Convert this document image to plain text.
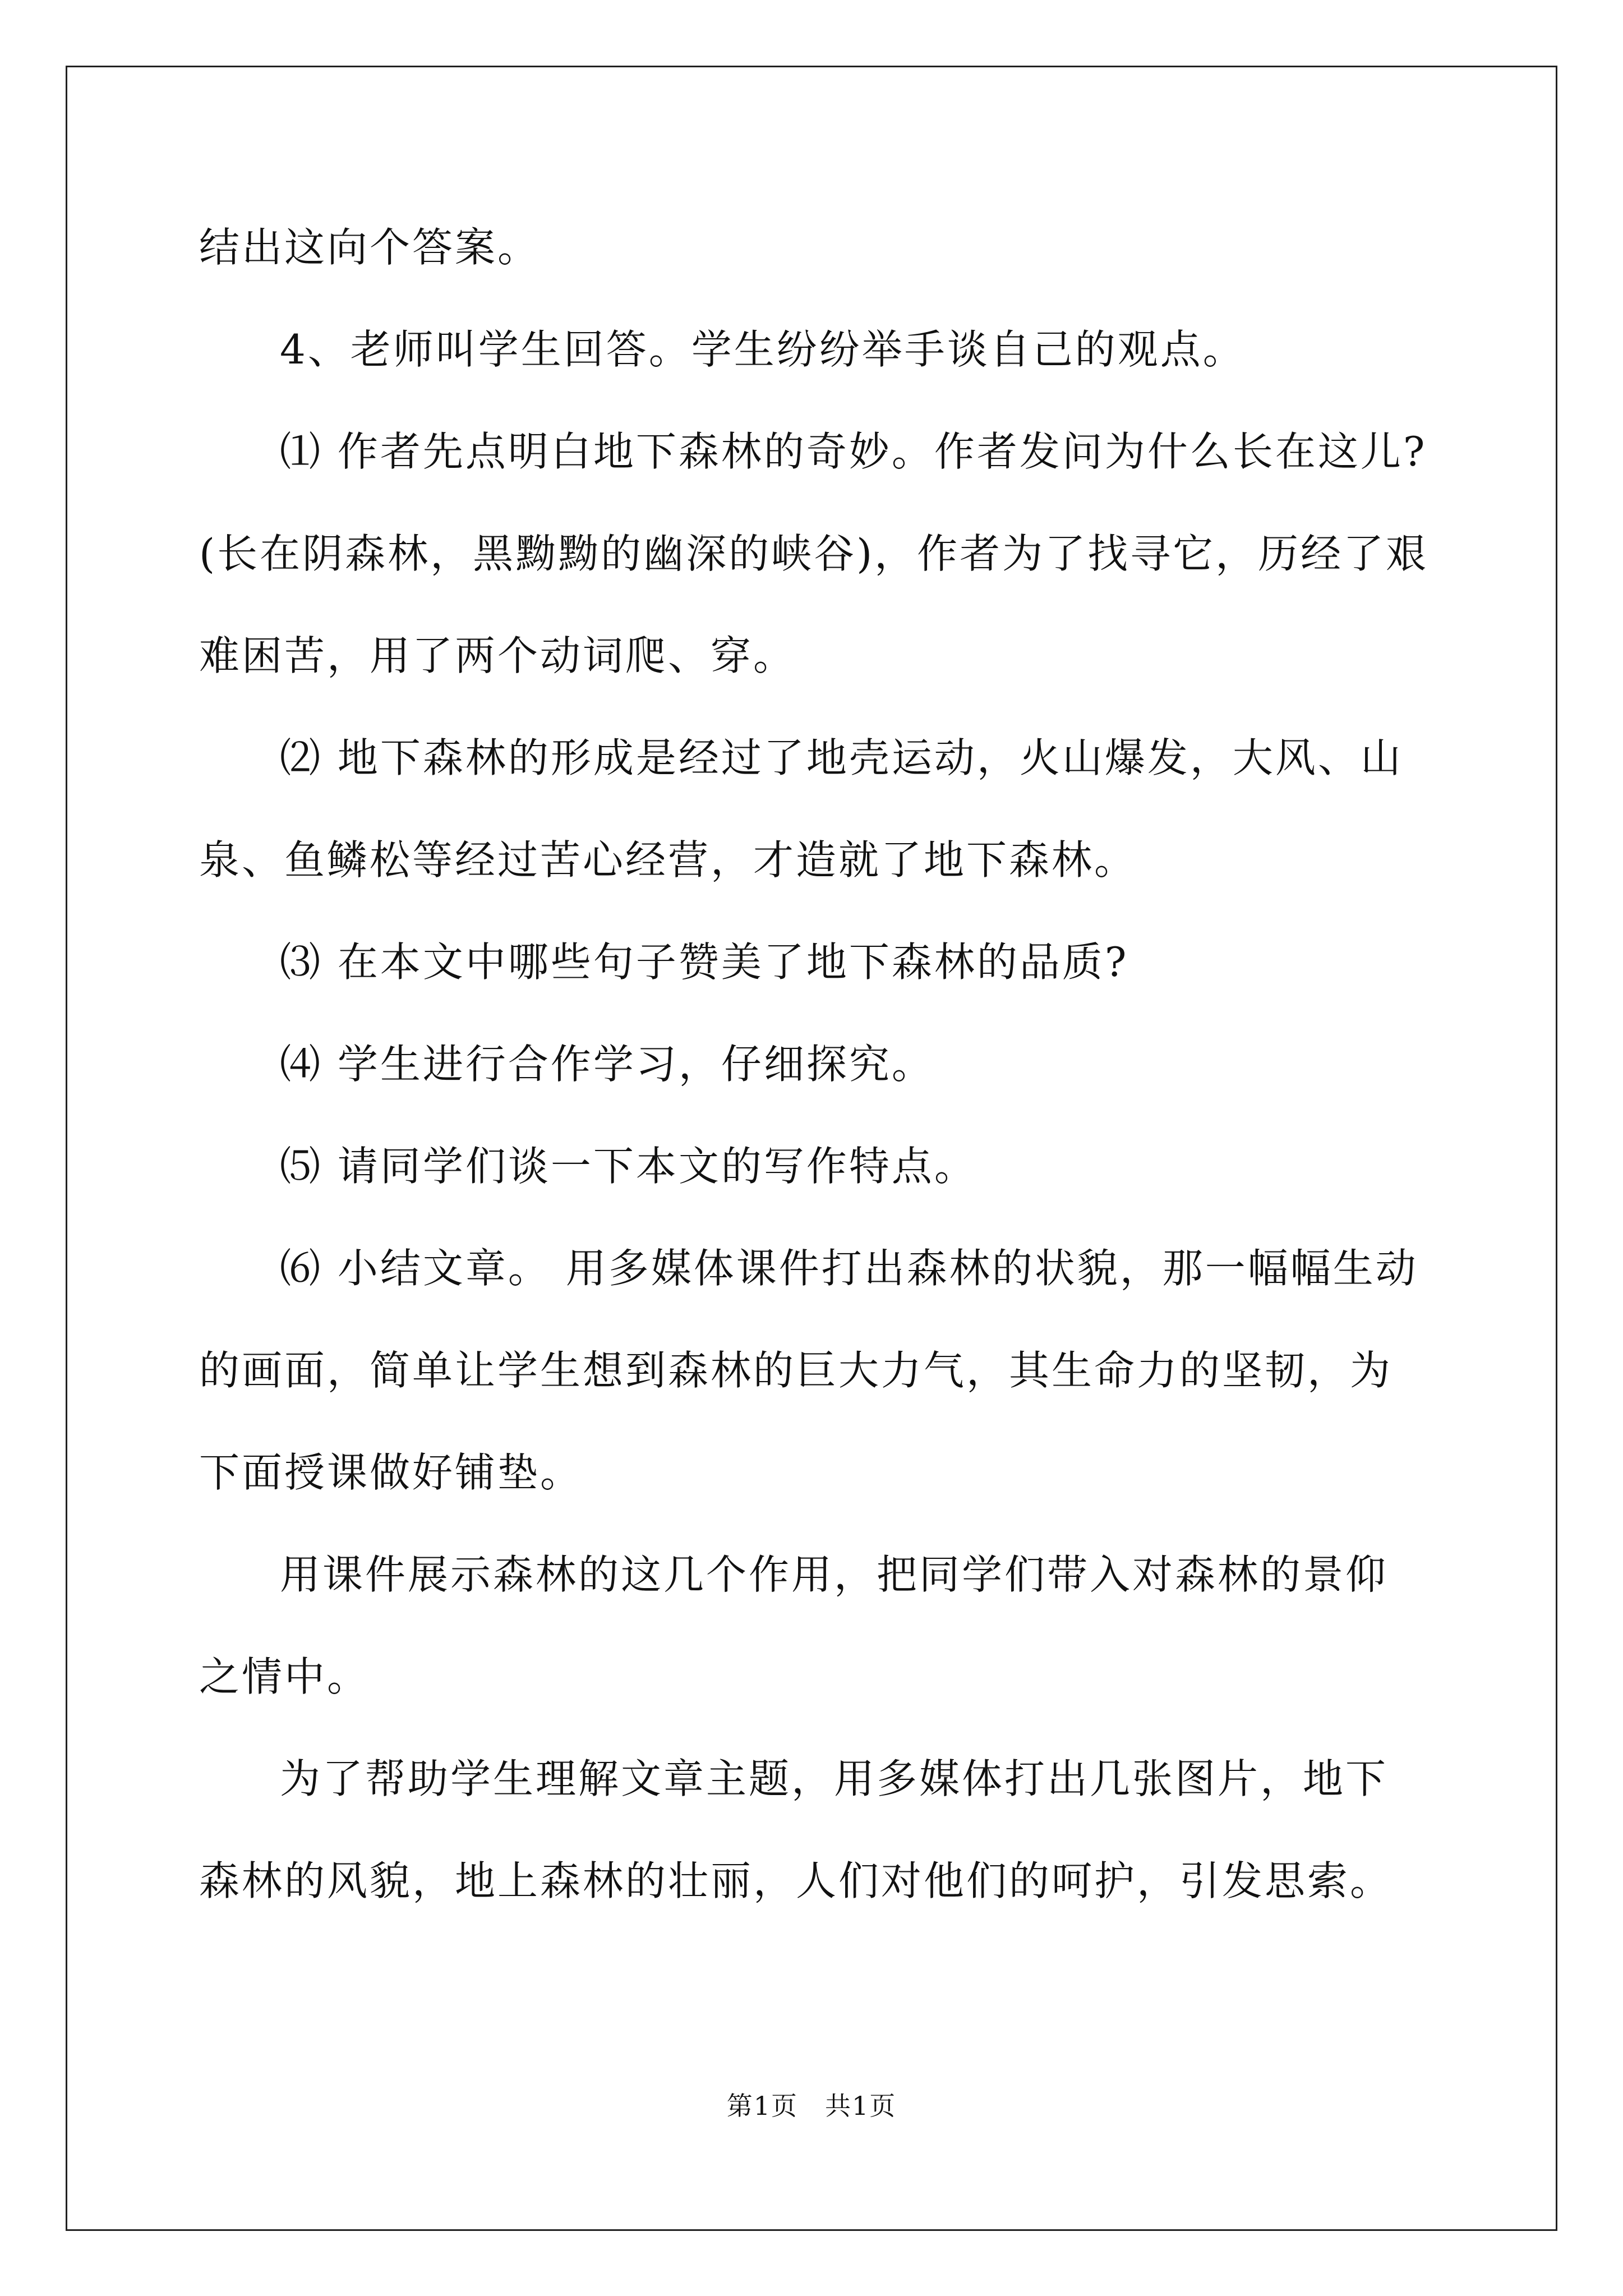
结出这向个答案。

4、老师叫学生回答。学生纷纷举手谈自己的观点。

⑴ 作者先点明白地下森林的奇妙。作者发问为什么长在这儿?(长在阴森林，黑黝黝的幽深的峡谷)，作者为了找寻它，历经了艰难困苦，用了两个动词爬、穿。

⑵ 地下森林的形成是经过了地壳运动，火山爆发，大风、山泉、鱼鳞松等经过苦心经营，才造就了地下森林。

⑶ 在本文中哪些句子赞美了地下森林的品质?

⑷ 学生进行合作学习，仔细探究。

⑸ 请同学们谈一下本文的写作特点。

⑹ 小结文章。 用多媒体课件打出森林的状貌，那一幅幅生动的画面，简单让学生想到森林的巨大力气，其生命力的坚韧，为下面授课做好铺垫。

用课件展示森林的这几个作用，把同学们带入对森林的景仰之情中。

为了帮助学生理解文章主题，用多媒体打出几张图片，地下森林的风貌，地上森林的壮丽，人们对他们的呵护，引发思索。

第1页　共1页
